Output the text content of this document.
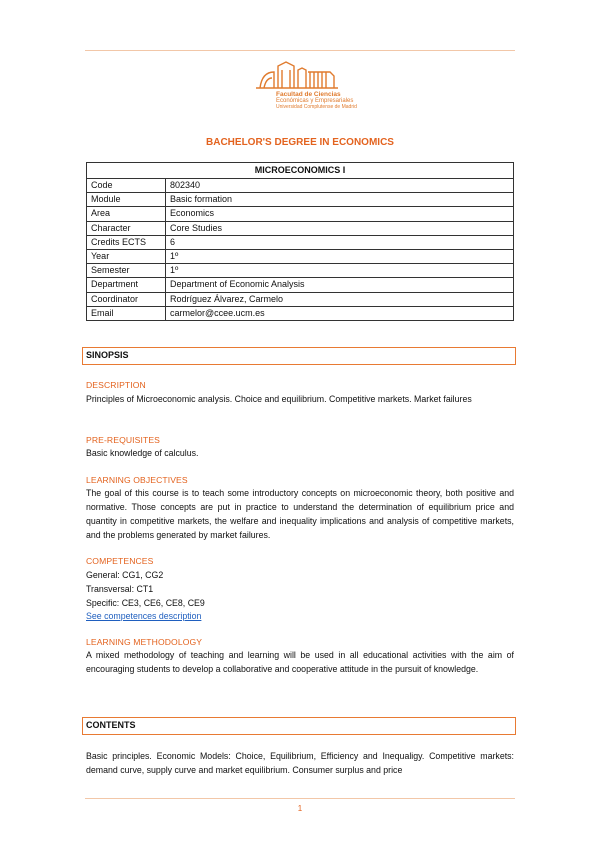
Facultad de Ciencias
Económicas y Empresariales
Universidad Complutense de Madrid
BACHELOR'S DEGREE IN ECONOMICS
MICROECONOMICS I	
Code	802340
Module	Basic formation
Area	Economics
Character	Core Studies
Credits ECTS	6
Year	1º
Semester	1º
Department	Department of Economic Analysis
Coordinator	Rodríguez Álvarez, Carmelo
Email	carmelor@ccee.ucm.es
SINOPSIS
DESCRIPTION
Principles of Microeconomic analysis. Choice and equilibrium. Competitive markets. Market failures
PRE-REQUISITES
Basic knowledge of calculus.
LEARNING OBJECTIVES
The goal of this course is to teach some introductory concepts on microeconomic theory, both positive and normative. Those concepts are put in practice to understand the determination of equilibrium price and quantity in competitive markets, the welfare and inequality implications and analysis of competitive markets, and the problems generated by market failures.
COMPETENCES
General: CG1, CG2
Transversal: CT1
Specific: CE3, CE6, CE8, CE9
See competences description
LEARNING METHODOLOGY
A mixed methodology of teaching and learning will be used in all educational activities with the aim of encouraging students to develop a collaborative and cooperative attitude in the pursuit of knowledge.
CONTENTS
Basic principles. Economic Models: Choice, Equilibrium, Efficiency and Inequaligy. Competitive markets: demand curve, supply curve and market equilibrium. Consumer surplus and price
1
